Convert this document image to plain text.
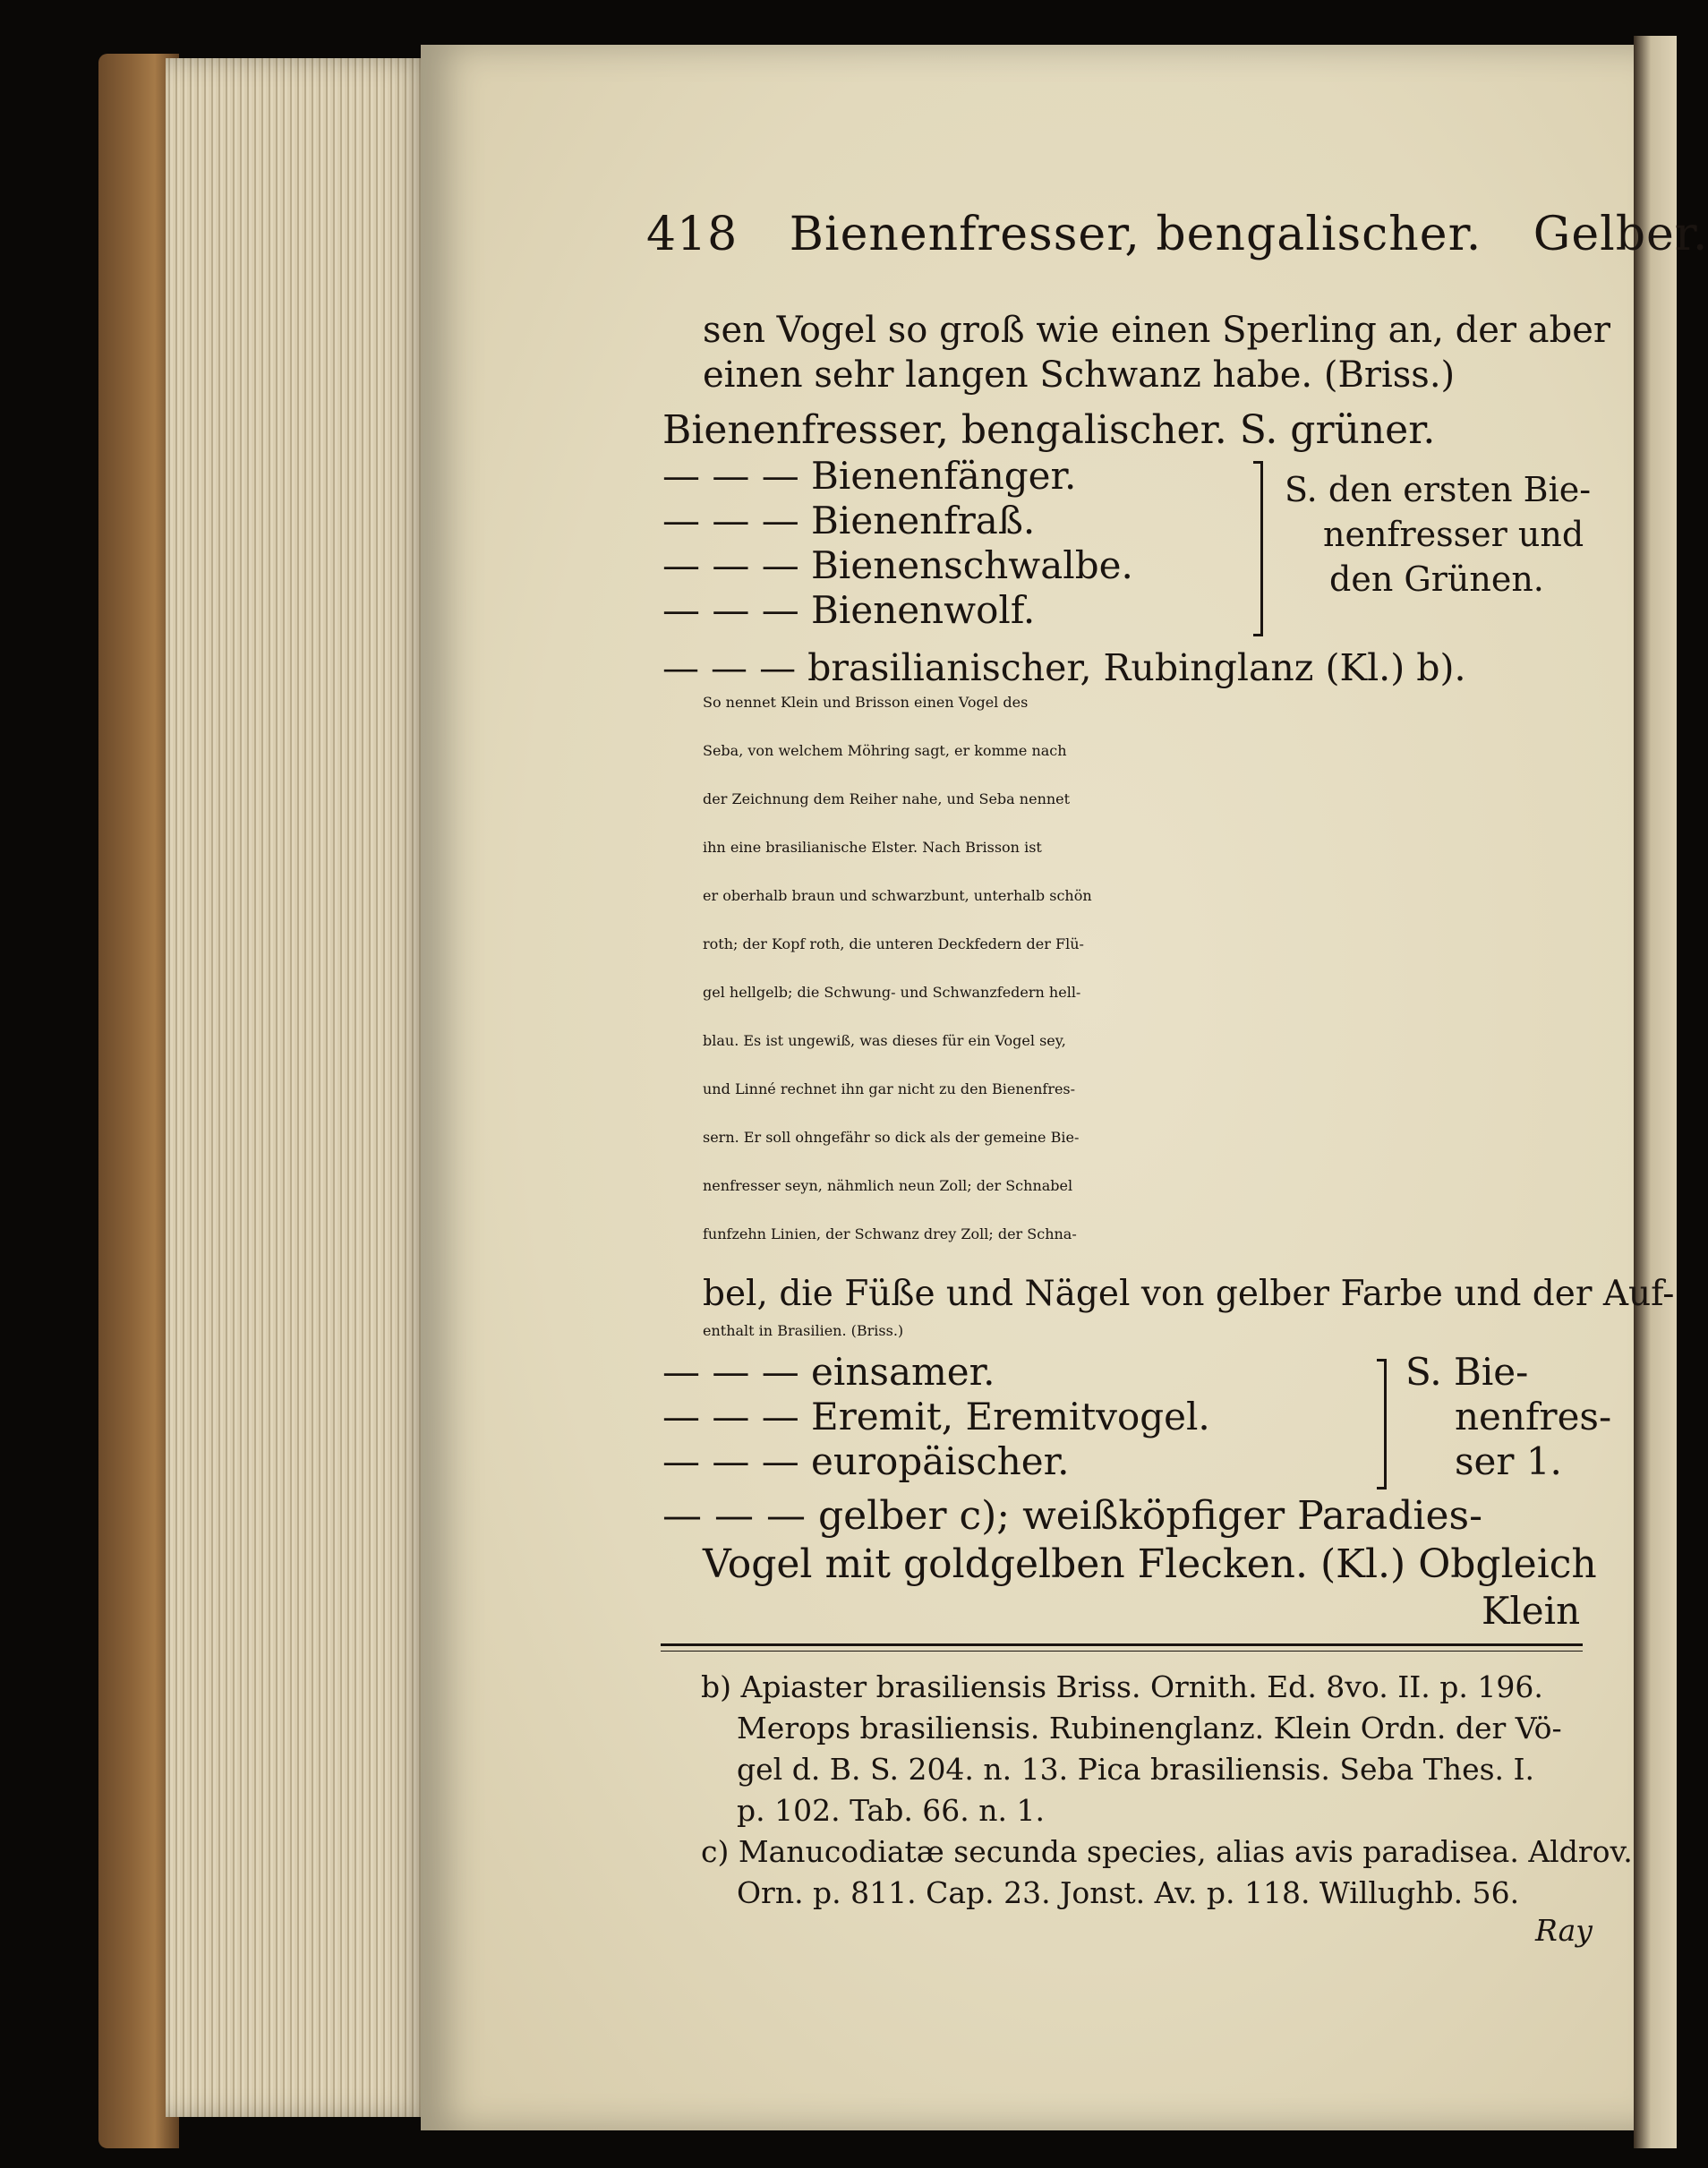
418 Bienenfresser, bengalischer. Gelber.
sen Vogel so groß wie einen Sperling an, der aber
einen sehr langen Schwanz habe. (Briss.)
Bienenfresser, bengalischer. S. grüner.
— — — Bienenfänger.
— — — Bienenfraß.
— — — Bienenschwalbe.
— — — Bienenwolf.
S. den ersten Bie-
nenfresser und
den Grünen.
— — — brasilianischer, Rubinglanz (Kl.) b).
So nennet Klein und Brisson einen Vogel des
Seba, von welchem Möhring sagt, er komme nach
der Zeichnung dem Reiher nahe, und Seba nennet
ihn eine brasilianische Elster. Nach Brisson ist
er oberhalb braun und schwarzbunt, unterhalb schön
roth; der Kopf roth, die unteren Deckfedern der Flü-
gel hellgelb; die Schwung- und Schwanzfedern hell-
blau. Es ist ungewiß, was dieses für ein Vogel sey,
und Linné rechnet ihn gar nicht zu den Bienenfres-
sern. Er soll ohngefähr so dick als der gemeine Bie-
nenfresser seyn, nähmlich neun Zoll; der Schnabel
funfzehn Linien, der Schwanz drey Zoll; der Schna-
bel, die Füße und Nägel von gelber Farbe und der Auf-
enthalt in Brasilien. (Briss.)
— — — einsamer.
— — — Eremit, Eremitvogel.
— — — europäischer.
S. Bie-
nenfres-
ser 1.
— — — gelber c); weißköpfiger Paradies-
Vogel mit goldgelben Flecken. (Kl.) Obgleich
Klein
b) Apiaster brasiliensis Briss. Ornith. Ed. 8vo. II. p. 196.
Merops brasiliensis. Rubinenglanz. Klein Ordn. der Vö-
gel d. B. S. 204. n. 13. Pica brasiliensis. Seba Thes. I.
p. 102. Tab. 66. n. 1.
c) Manucodiatæ secunda species, alias avis paradisea. Aldrov.
Orn. p. 811. Cap. 23. Jonst. Av. p. 118. Willughb. 56.
Ray
